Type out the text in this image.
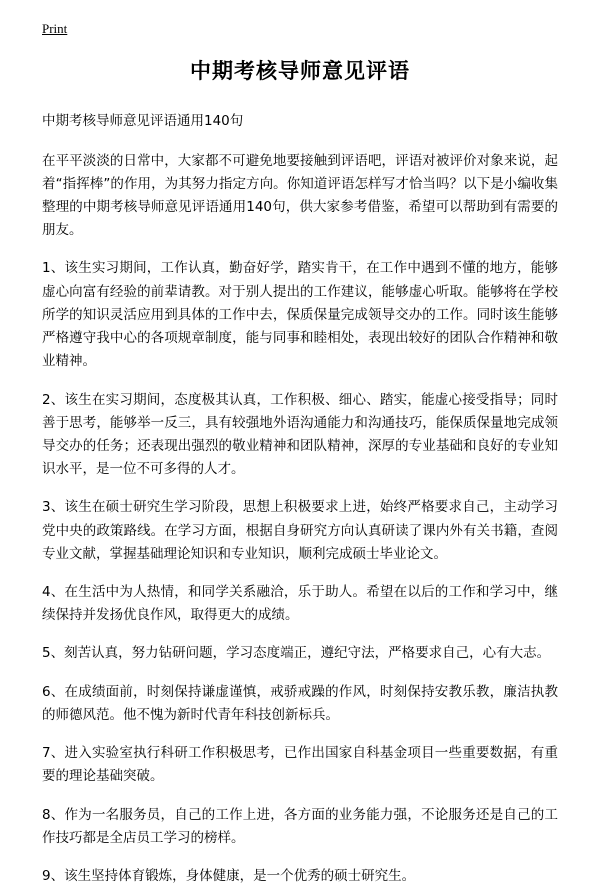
Print
中期考核导师意见评语
中期考核导师意见评语通用140句

在平平淡淡的日常中，大家都不可避免地要接触到评语吧，评语对被评价对象来说，起着“指挥棒”的作用，为其努力指定方向。你知道评语怎样写才恰当吗？以下是小编收集整理的中期考核导师意见评语通用140句，供大家参考借鉴，希望可以帮助到有需要的朋友。

1、该生实习期间，工作认真，勤奋好学，踏实肯干，在工作中遇到不懂的地方，能够虚心向富有经验的前辈请教。对于别人提出的工作建议，能够虚心听取。能够将在学校所学的知识灵活应用到具体的工作中去，保质保量完成领导交办的工作。同时该生能够严格遵守我中心的各项规章制度，能与同事和睦相处，表现出较好的团队合作精神和敬业精神。

2、该生在实习期间，态度极其认真，工作积极、细心、踏实，能虚心接受指导；同时善于思考，能够举一反三，具有较强地外语沟通能力和沟通技巧，能保质保量地完成领导交办的任务；还表现出强烈的敬业精神和团队精神，深厚的专业基础和良好的专业知识水平，是一位不可多得的人才。

3、该生在硕士研究生学习阶段，思想上积极要求上进，始终严格要求自己，主动学习党中央的政策路线。在学习方面，根据自身研究方向认真研读了课内外有关书籍，查阅专业文献，掌握基础理论知识和专业知识，顺利完成硕士毕业论文。

4、在生活中为人热情，和同学关系融洽，乐于助人。希望在以后的工作和学习中，继续保持并发扬优良作风，取得更大的成绩。

5、刻苦认真，努力钻研问题，学习态度端正，遵纪守法，严格要求自己，心有大志。

6、在成绩面前，时刻保持谦虚谨慎，戒骄戒躁的作风，时刻保持安教乐教，廉洁执教的师德风范。他不愧为新时代青年科技创新标兵。

7、进入实验室执行科研工作积极思考，已作出国家自科基金项目一些重要数据，有重要的理论基础突破。

8、作为一名服务员，自己的工作上进，各方面的业务能力强，不论服务还是自己的工作技巧都是全店员工学习的榜样。

9、该生坚持体育锻炼，身体健康，是一个优秀的硕士研究生。
